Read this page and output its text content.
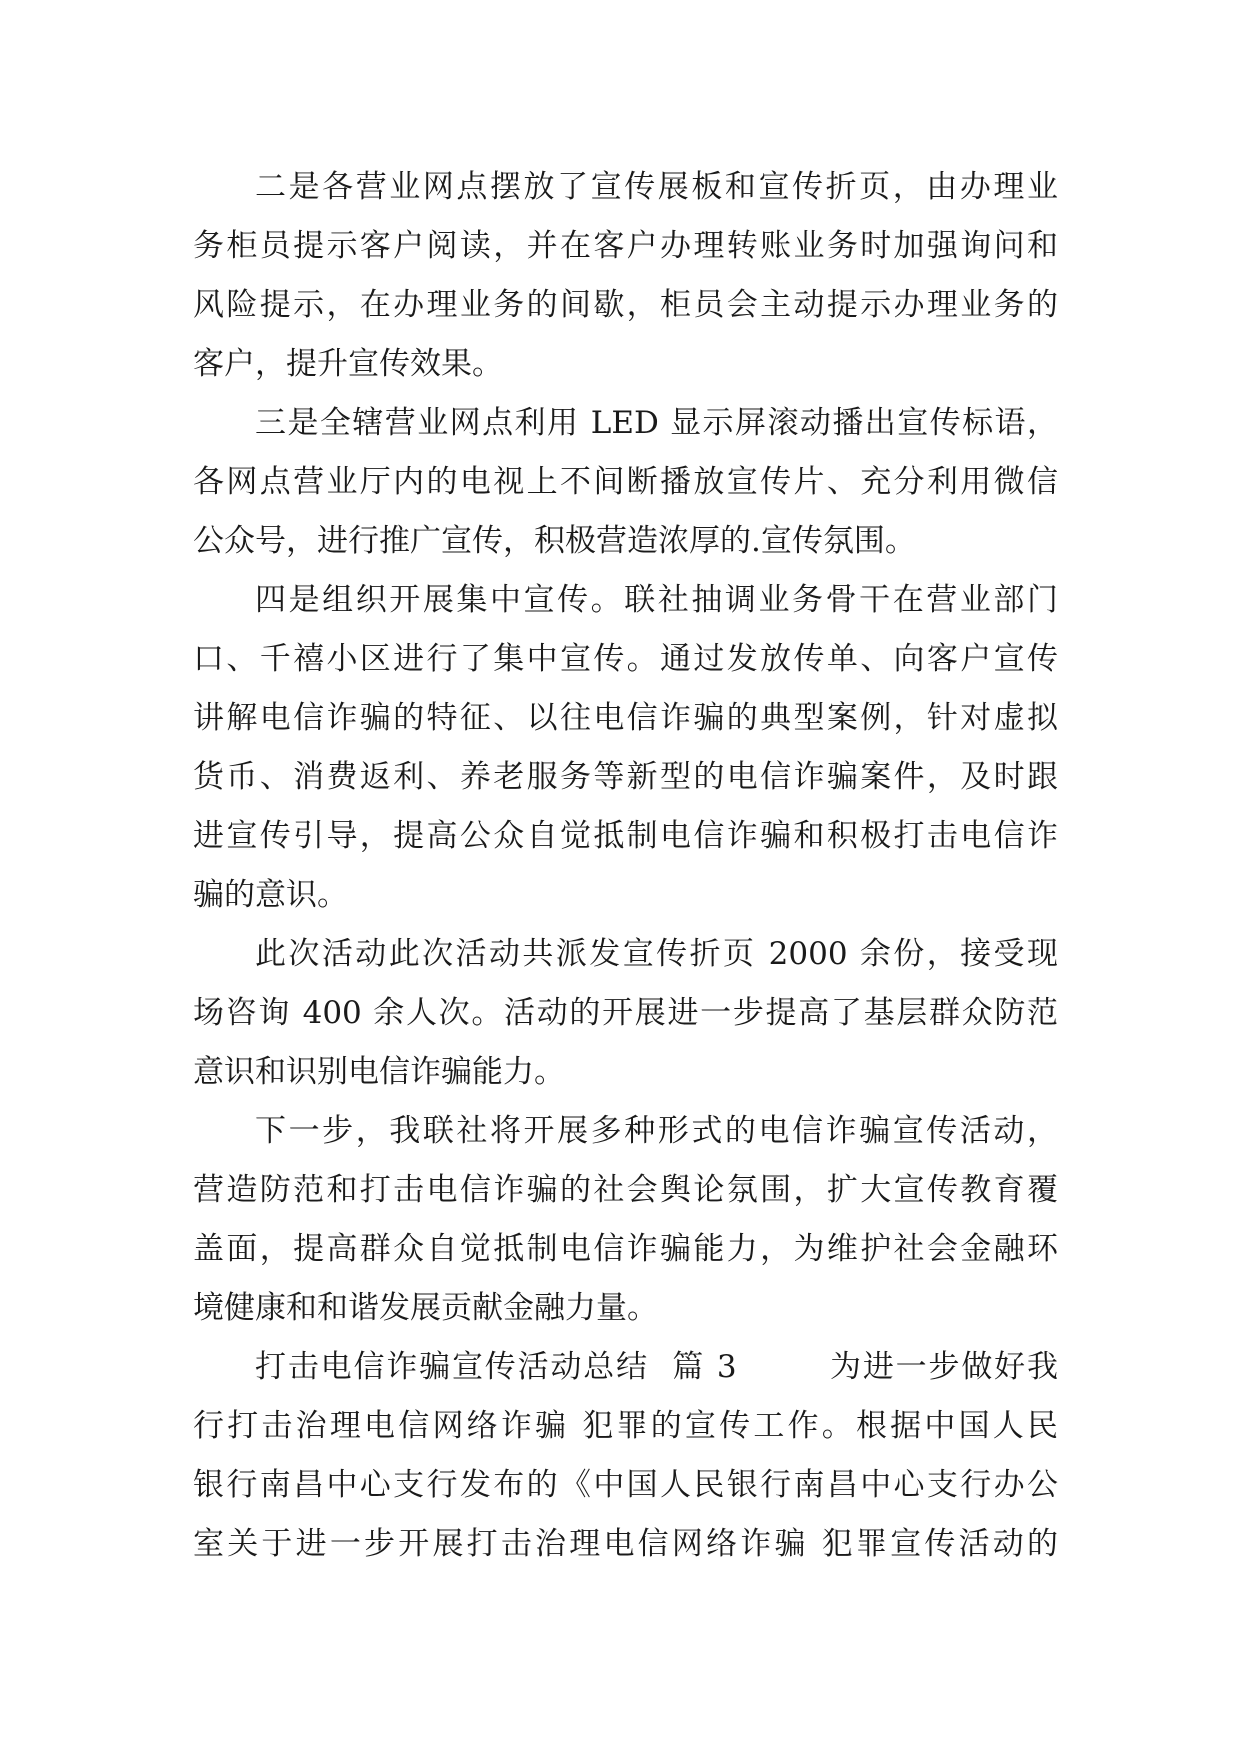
二是各营业网点摆放了宣传展板和宣传折页，由办理业
务柜员提示客户阅读，并在客户办理转账业务时加强询问和
风险提示，在办理业务的间歇，柜员会主动提示办理业务的
客户，提升宣传效果。
三是全辖营业网点利用 LED 显示屏滚动播出宣传标语，
各网点营业厅内的电视上不间断播放宣传片、充分利用微信
公众号，进行推广宣传，积极营造浓厚的.宣传氛围。
四是组织开展集中宣传。联社抽调业务骨干在营业部门
口、千禧小区进行了集中宣传。通过发放传单、向客户宣传
讲解电信诈骗的特征、以往电信诈骗的典型案例，针对虚拟
货币、消费返利、养老服务等新型的电信诈骗案件，及时跟
进宣传引导，提高公众自觉抵制电信诈骗和积极打击电信诈
骗的意识。
此次活动此次活动共派发宣传折页 2000 余份，接受现
场咨询 400 余人次。活动的开展进一步提高了基层群众防范
意识和识别电信诈骗能力。
下一步，我联社将开展多种形式的电信诈骗宣传活动，
营造防范和打击电信诈骗的社会舆论氛围，扩大宣传教育覆
盖面，提高群众自觉抵制电信诈骗能力，为维护社会金融环
境健康和和谐发展贡献金融力量。
打击电信诈骗宣传活动总结  篇 3        为进一步做好我
行打击治理电信网络诈骗 犯罪的宣传工作。根据中国人民
银行南昌中心支行发布的《中国人民银行南昌中心支行办公
室关于进一步开展打击治理电信网络诈骗 犯罪宣传活动的
